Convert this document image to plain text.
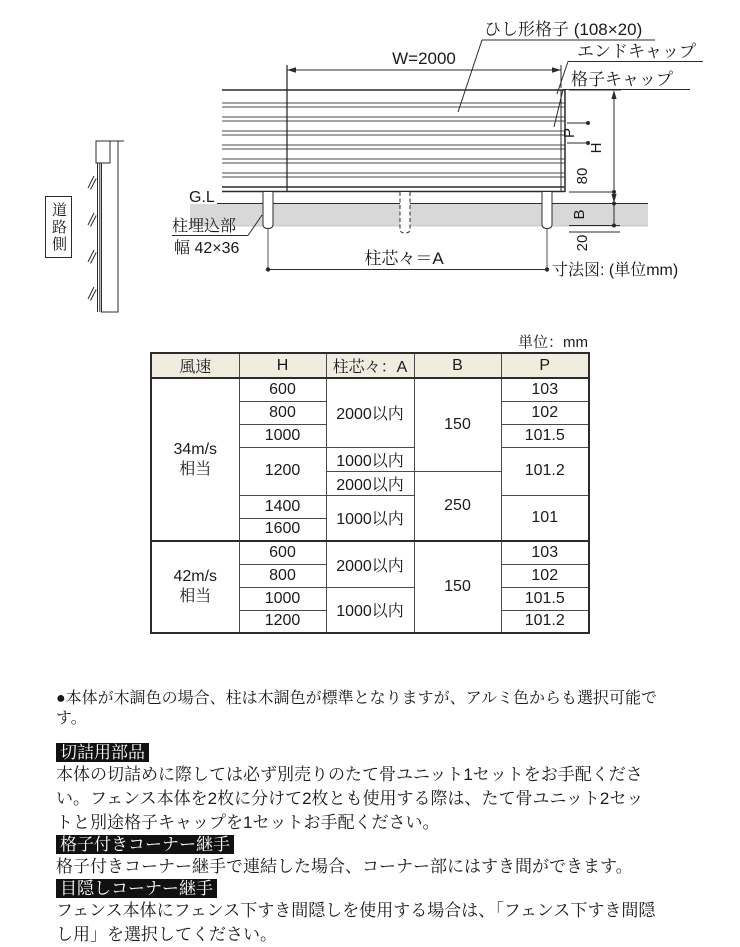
ひし形格子 (108×20)
エンドキャップ
格子キャップ
W=2000
G.L
柱埋込部
幅 42×36
柱芯々＝A
P
H
80
B
20
寸法図: (単位mm)
道路側
単位：mm
風速	H	柱芯々：A	B	P

34m/s
相当	600	2000以内	150	103
	800			102
	1000			101.5
	1200	1000以内		101.2
		2000以内	250	
	1400	1000以内		101
	1600			

42m/s
相当	600	2000以内	150	103
	800			102
	1000	1000以内		101.5
	1200			101.2
●本体が木調色の場合、柱は木調色が標準となりますが、アルミ色からも選択可能です。
切詰用部品

本体の切詰めに際しては必ず別売りのたて骨ユニット1セットをお手配ください。フェンス本体を2枚に分けて2枚とも使用する際は、たて骨ユニット2セットと別途格子キャップを1セットお手配ください。

格子付きコーナー継手

格子付きコーナー継手で連結した場合、コーナー部にはすき間ができます。

目隠しコーナー継手

フェンス本体にフェンス下すき間隠しを使用する場合は、「フェンス下すき間隠し用」を選択してください。
